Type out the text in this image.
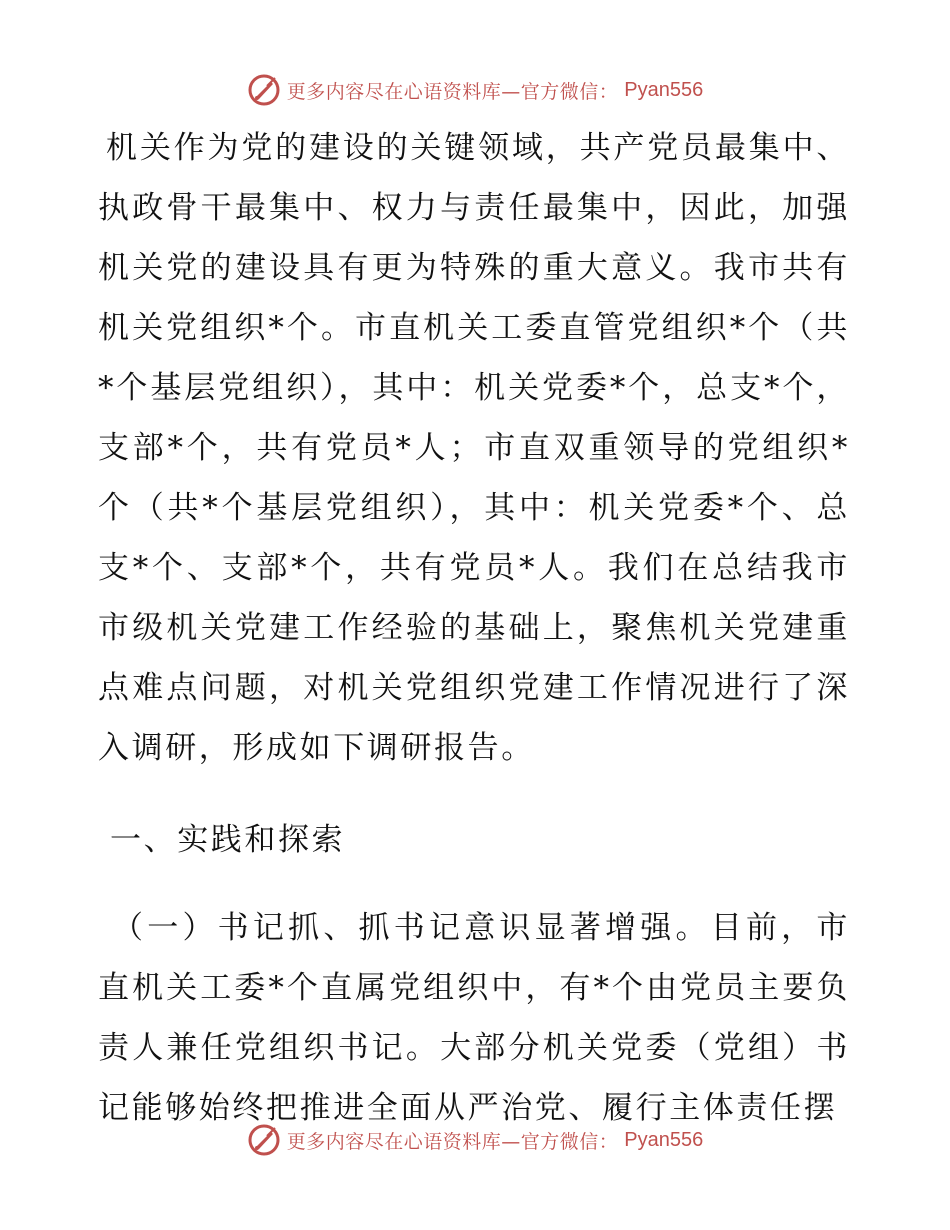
更多内容尽在心语资料库—官方微信： Pyan556

机关作为党的建设的关键领域，共产党员最集中、执政骨干最集中、权力与责任最集中，因此，加强机关党的建设具有更为特殊的重大意义。我市共有机关党组织*个。市直机关工委直管党组织*个（共*个基层党组织），其中：机关党委*个，总支*个，支部*个，共有党员*人；市直双重领导的党组织*个（共*个基层党组织），其中：机关党委*个、总支*个、支部*个，共有党员*人。我们在总结我市市级机关党建工作经验的基础上，聚焦机关党建重点难点问题，对机关党组织党建工作情况进行了深入调研，形成如下调研报告。

一、实践和探索

（一）书记抓、抓书记意识显著增强。目前，市直机关工委*个直属党组织中，有*个由党员主要负责人兼任党组织书记。大部分机关党委（党组）书记能够始终把推进全面从严治党、履行主体责任摆

更多内容尽在心语资料库—官方微信： Pyan556
